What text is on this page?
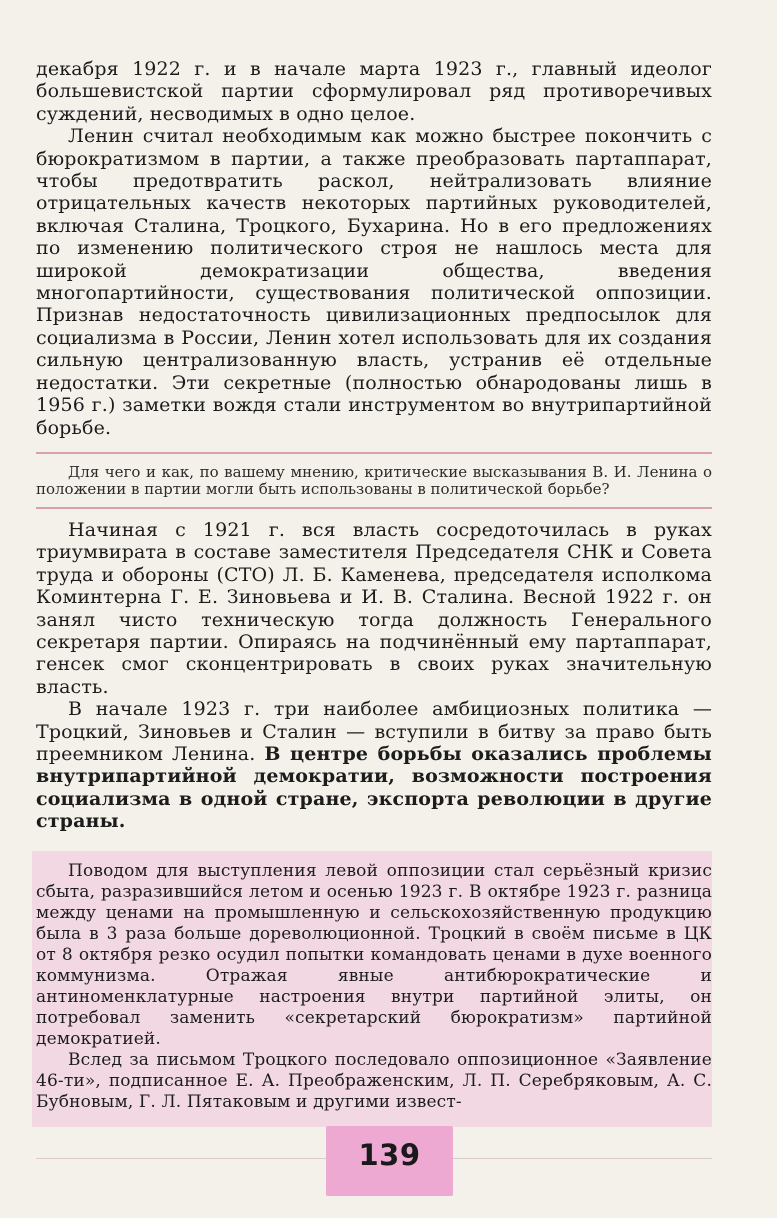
декабря 1922 г. и в начале марта 1923 г., главный идеолог большевистской партии сформулировал ряд противоречивых суждений, несводимых в одно целое.

Ленин считал необходимым как можно быстрее покончить с бюрократизмом в партии, а также преобразовать партаппарат, чтобы предотвратить раскол, нейтрализовать влияние отрицательных качеств некоторых партийных руководителей, включая Сталина, Троцкого, Бухарина. Но в его предложениях по изменению политического строя не нашлось места для широкой демократизации общества, введения многопартийности, существования политической оппозиции. Признав недостаточность цивилизационных предпосылок для социализма в России, Ленин хотел использовать для их создания сильную централизованную власть, устранив её отдельные недостатки. Эти секретные (полностью обнародованы лишь в 1956 г.) заметки вождя стали инструментом во внутрипартийной борьбе.

Для чего и как, по вашему мнению, критические высказывания В. И. Ленина о положении в партии могли быть использованы в политической борьбе?

Начиная с 1921 г. вся власть сосредоточилась в руках триумвирата в составе заместителя Председателя СНК и Совета труда и обороны (СТО) Л. Б. Каменева, председателя исполкома Коминтерна Г. Е. Зиновьева и И. В. Сталина. Весной 1922 г. он занял чисто техническую тогда должность Генерального секретаря партии. Опираясь на подчинённый ему партаппарат, генсек смог сконцентрировать в своих руках значительную власть.

В начале 1923 г. три наиболее амбициозных политика — Троцкий, Зиновьев и Сталин — вступили в битву за право быть преемником Ленина. В центре борьбы оказались проблемы внутрипартийной демократии, возможности построения социализма в одной стране, экспорта революции в другие страны.

Поводом для выступления левой оппозиции стал серьёзный кризис сбыта, разразившийся летом и осенью 1923 г. В октябре 1923 г. разница между ценами на промышленную и сельскохозяйственную продукцию была в 3 раза больше дореволюционной. Троцкий в своём письме в ЦК от 8 октября резко осудил попытки командовать ценами в духе военного коммунизма. Отражая явные антибюрократические и антиноменклатурные настроения внутри партийной элиты, он потребовал заменить «секретарский бюрократизм» партийной демократией.

Вслед за письмом Троцкого последовало оппозиционное «Заявление 46-ти», подписанное Е. А. Преображенским, Л. П. Серебряковым, А. С. Бубновым, Г. Л. Пятаковым и другими извест-

139
